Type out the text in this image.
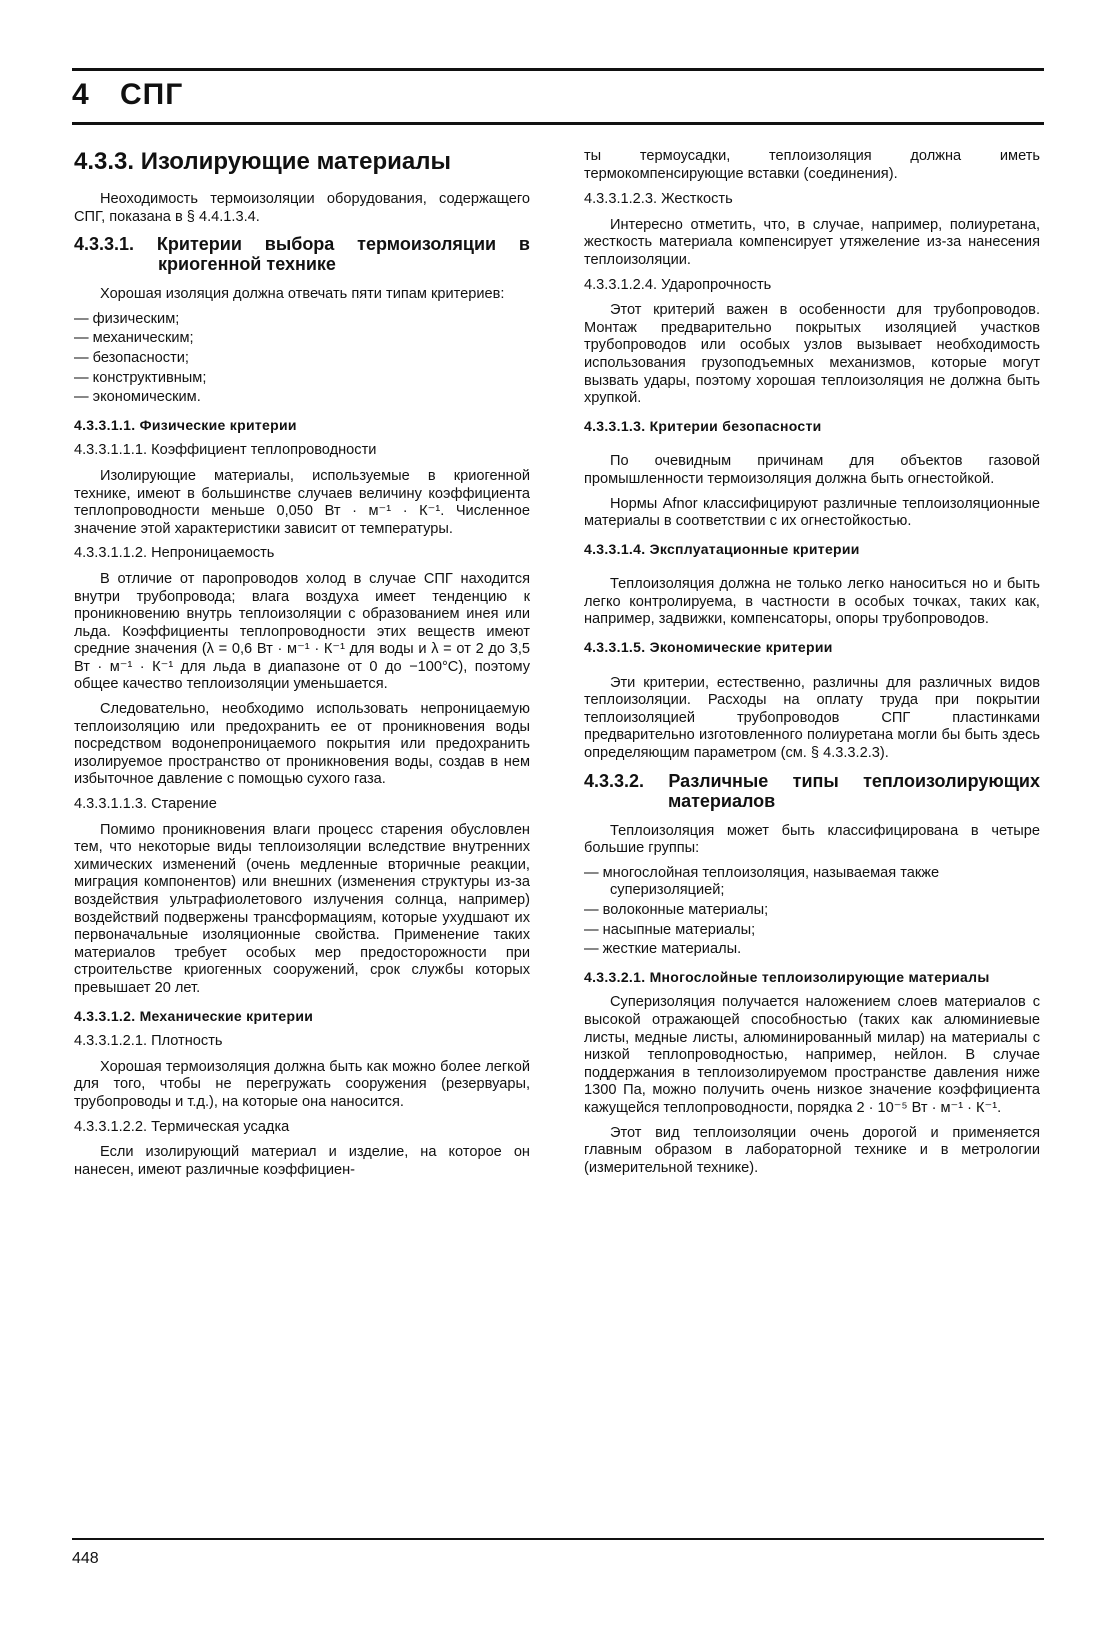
4 СПГ
4.3.3. Изолирующие материалы

Неоходимость термоизоляции оборудования, содержащего СПГ, показана в § 4.4.1.3.4.

4.3.3.1. Критерии выбора термоизоляции в криогенной технике

Хорошая изоляция должна отвечать пяти типам критериев:

— физическим;
— механическим;
— безопасности;
— конструктивным;
— экономическим.
4.3.3.1.1. Физические критерии
4.3.3.1.1.1. Коэффициент теплопроводности

Изолирующие материалы, используемые в криогенной технике, имеют в большинстве случаев величину коэффициента теплопроводности меньше 0,050 Вт · м⁻¹ · К⁻¹. Численное значение этой характеристики зависит от температуры.

4.3.3.1.1.2. Непроницаемость

В отличие от паропроводов холод в случае СПГ находится внутри трубопровода; влага воздуха имеет тенденцию к проникновению внутрь теплоизоляции с образованием инея или льда. Коэффициенты теплопроводности этих веществ имеют средние значения (λ = 0,6 Вт · м⁻¹ · К⁻¹ для воды и λ = от 2 до 3,5 Вт · м⁻¹ · К⁻¹ для льда в диапазоне от 0 до −100°С), поэтому общее качество теплоизоляции уменьшается.

Следовательно, необходимо использовать непроницаемую теплоизоляцию или предохранить ее от проникновения воды посредством водонепроницаемого покрытия или предохранить изолируемое пространство от проникновения воды, создав в нем избыточное давление с помощью сухого газа.

4.3.3.1.1.3. Старение

Помимо проникновения влаги процесс старения обусловлен тем, что некоторые виды теплоизоляции вследствие внутренних химических изменений (очень медленные вторичные реакции, миграция компонентов) или внешних (изменения структуры из-за воздействия ультрафиолетового излучения солнца, например) воздействий подвержены трансформациям, которые ухудшают их первоначальные изоляционные свойства. Применение таких материалов требует особых мер предосторожности при строительстве криогенных сооружений, срок службы которых превышает 20 лет.

4.3.3.1.2. Механические критерии
4.3.3.1.2.1. Плотность

Хорошая термоизоляция должна быть как можно более легкой для того, чтобы не перегружать сооружения (резервуары, трубопроводы и т.д.), на которые она наносится.

4.3.3.1.2.2. Термическая усадка

Если изолирующий материал и изделие, на которое он нанесен, имеют различные коэффициен-

ты термоусадки, теплоизоляция должна иметь термокомпенсирующие вставки (соединения).

4.3.3.1.2.3. Жесткость

Интересно отметить, что, в случае, например, полиуретана, жесткость материала компенсирует утяжеление из-за нанесения теплоизоляции.

4.3.3.1.2.4. Ударопрочность

Этот критерий важен в особенности для трубопроводов. Монтаж предварительно покрытых изоляцией участков трубопроводов или особых узлов вызывает необходимость использования грузоподъемных механизмов, которые могут вызвать удары, поэтому хорошая теплоизоляция не должна быть хрупкой.

4.3.3.1.3. Критерии безопасности

По очевидным причинам для объектов газовой промышленности термоизоляция должна быть огнестойкой.

Нормы Afnor классифицируют различные теплоизоляционные материалы в соответствии с их огнестойкостью.

4.3.3.1.4. Эксплуатационные критерии

Теплоизоляция должна не только легко наноситься но и быть легко контролируема, в частности в особых точках, таких как, например, задвижки, компенсаторы, опоры трубопроводов.

4.3.3.1.5. Экономические критерии

Эти критерии, естественно, различны для различных видов теплоизоляции. Расходы на оплату труда при покрытии теплоизоляцией трубопроводов СПГ пластинками предварительно изготовленного полиуретана могли бы быть здесь определяющим параметром (см. § 4.3.3.2.3).

4.3.3.2. Различные типы теплоизолирующих материалов

Теплоизоляция может быть классифицирована в четыре большие группы:

— многослойная теплоизоляция, называемая также суперизоляцией;
— волоконные материалы;
— насыпные материалы;
— жесткие материалы.
4.3.3.2.1. Многослойные теплоизолирующие материалы

Суперизоляция получается наложением слоев материалов с высокой отражающей способностью (таких как алюминиевые листы, медные листы, алюминированный милар) на материалы с низкой теплопроводностью, например, нейлон. В случае поддержания в теплоизолируемом пространстве давления ниже 1300 Па, можно получить очень низкое значение коэффициента кажущейся теплопроводности, порядка 2 · 10⁻⁵ Вт · м⁻¹ · К⁻¹.

Этот вид теплоизоляции очень дорогой и применяется главным образом в лабораторной технике и в метрологии (измерительной технике).

448
